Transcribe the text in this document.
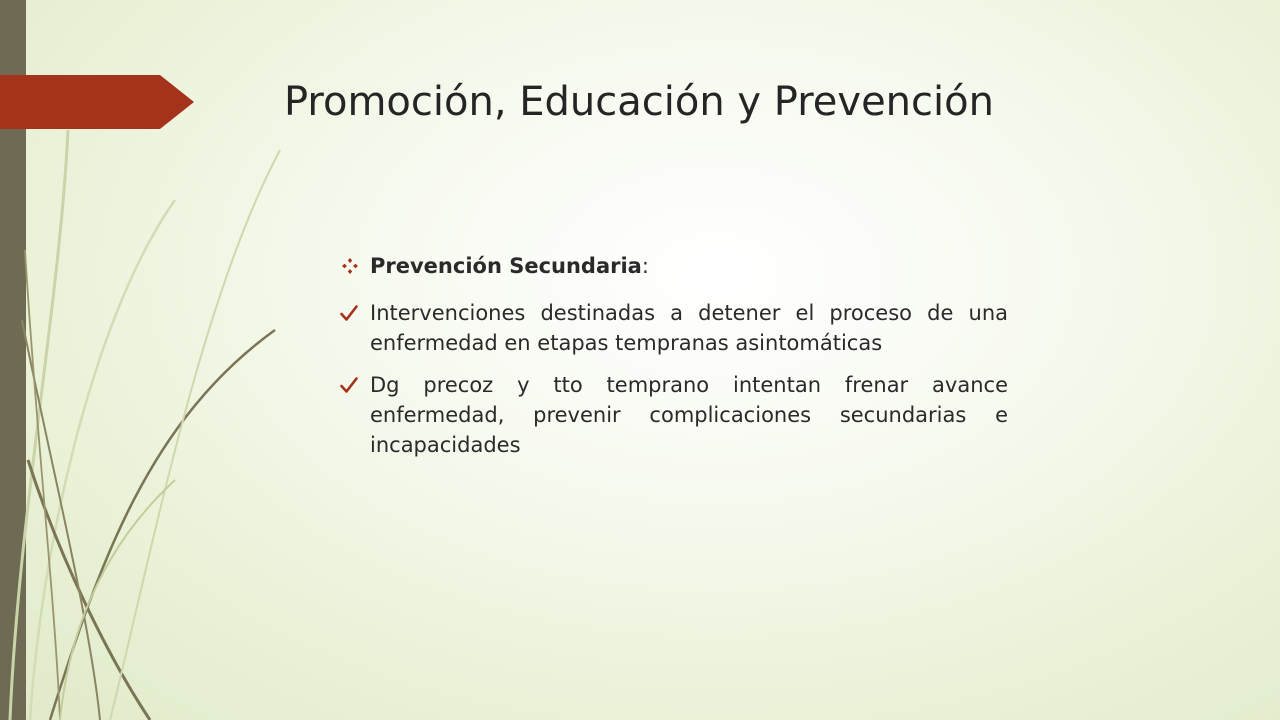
Promoción, Educación y Prevención
Prevención Secundaria:
Intervenciones destinadas a detener el proceso de una enfermedad en etapas tempranas asintomáticas
Dg precoz y tto temprano intentan frenar avance enfermedad, prevenir complicaciones secundarias e incapacidades
